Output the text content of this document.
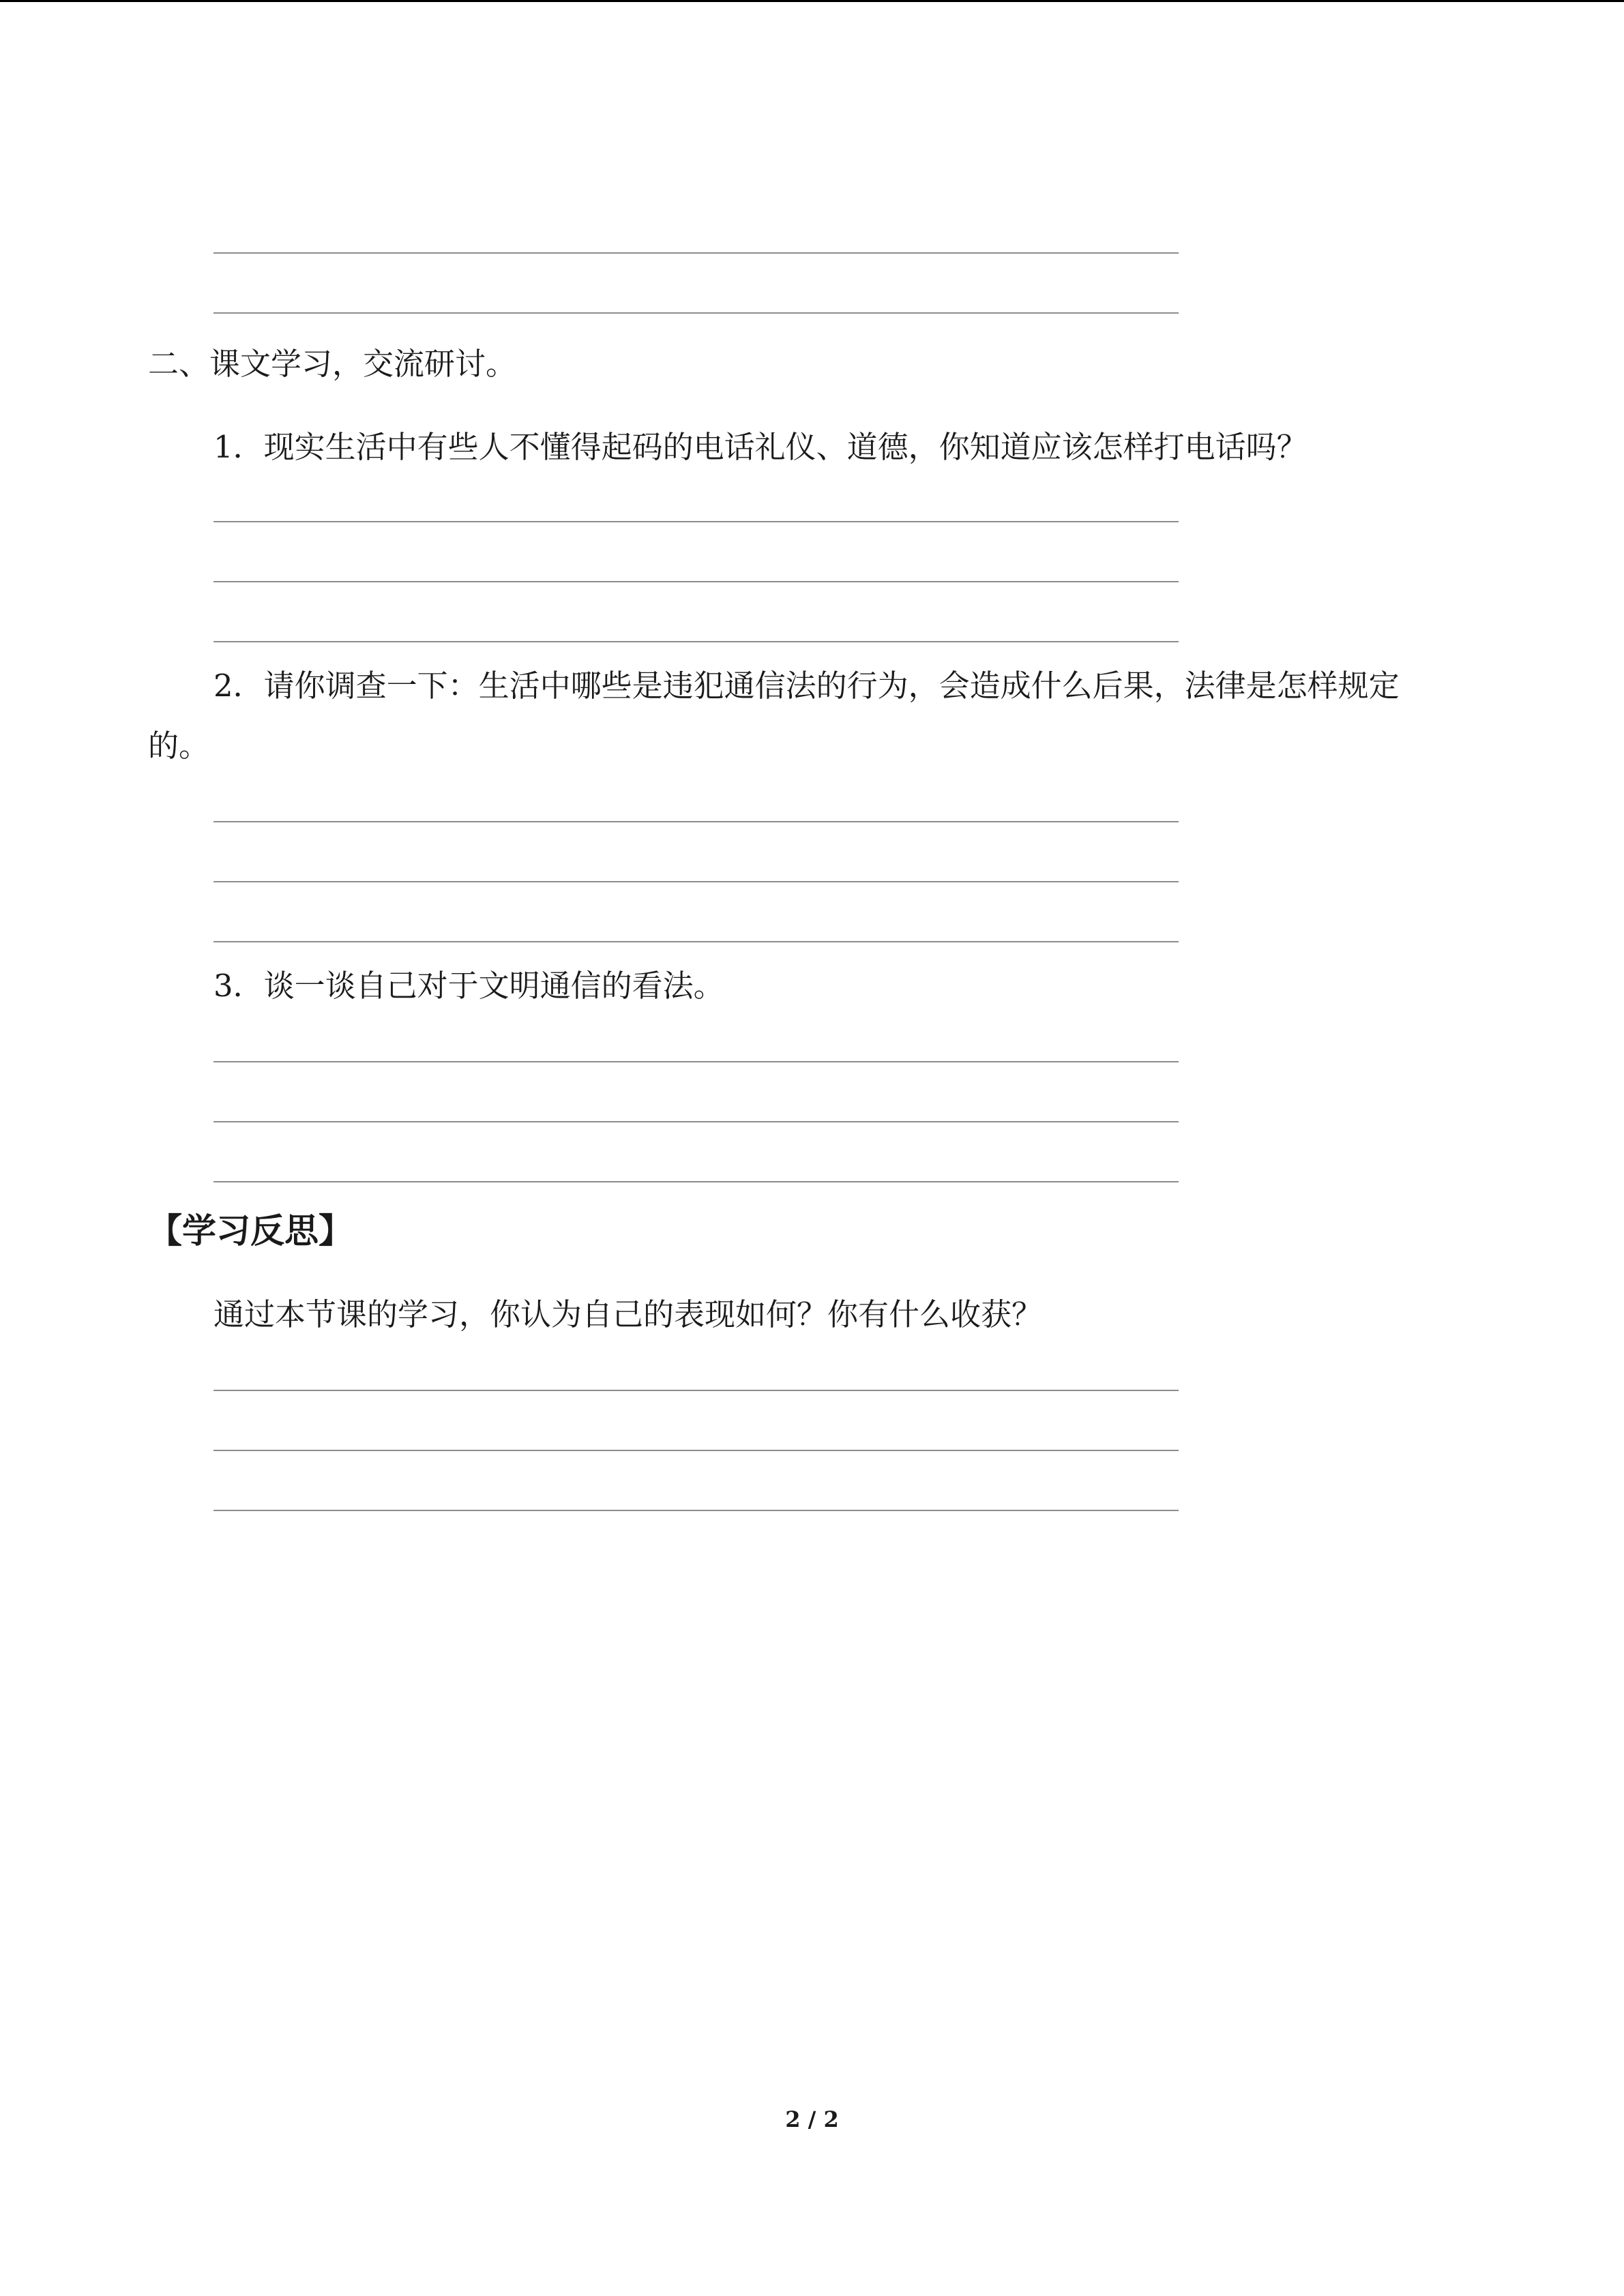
二、课文学习，交流研讨。
1．现实生活中有些人不懂得起码的电话礼仪、道德，你知道应该怎样打电话吗？
2．请你调查一下：生活中哪些是违犯通信法的行为，会造成什么后果，法律是怎样规定
的。
3．谈一谈自己对于文明通信的看法。
【学习反思】
通过本节课的学习，你认为自己的表现如何？你有什么收获？
2 / 2
